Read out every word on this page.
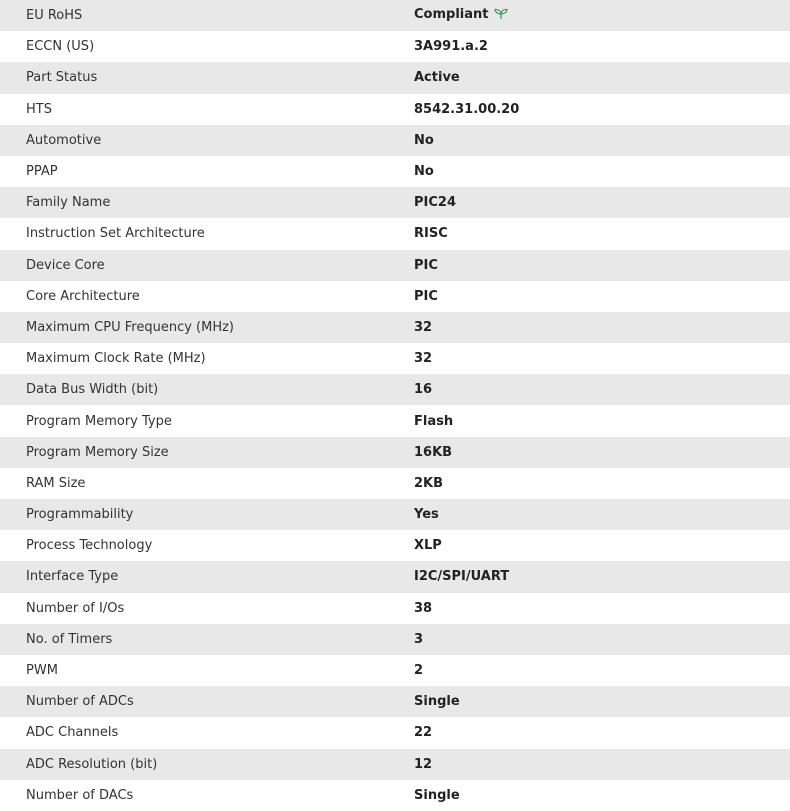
EU RoHS	Compliant
ECCN (US)	3A991.a.2
Part Status	Active
HTS	8542.31.00.20
Automotive	No
PPAP	No
Family Name	PIC24
Instruction Set Architecture	RISC
Device Core	PIC
Core Architecture	PIC
Maximum CPU Frequency (MHz)	32
Maximum Clock Rate (MHz)	32
Data Bus Width (bit)	16
Program Memory Type	Flash
Program Memory Size	16KB
RAM Size	2KB
Programmability	Yes
Process Technology	XLP
Interface Type	I2C/SPI/UART
Number of I/Os	38
No. of Timers	3
PWM	2
Number of ADCs	Single
ADC Channels	22
ADC Resolution (bit)	12
Number of DACs	Single
